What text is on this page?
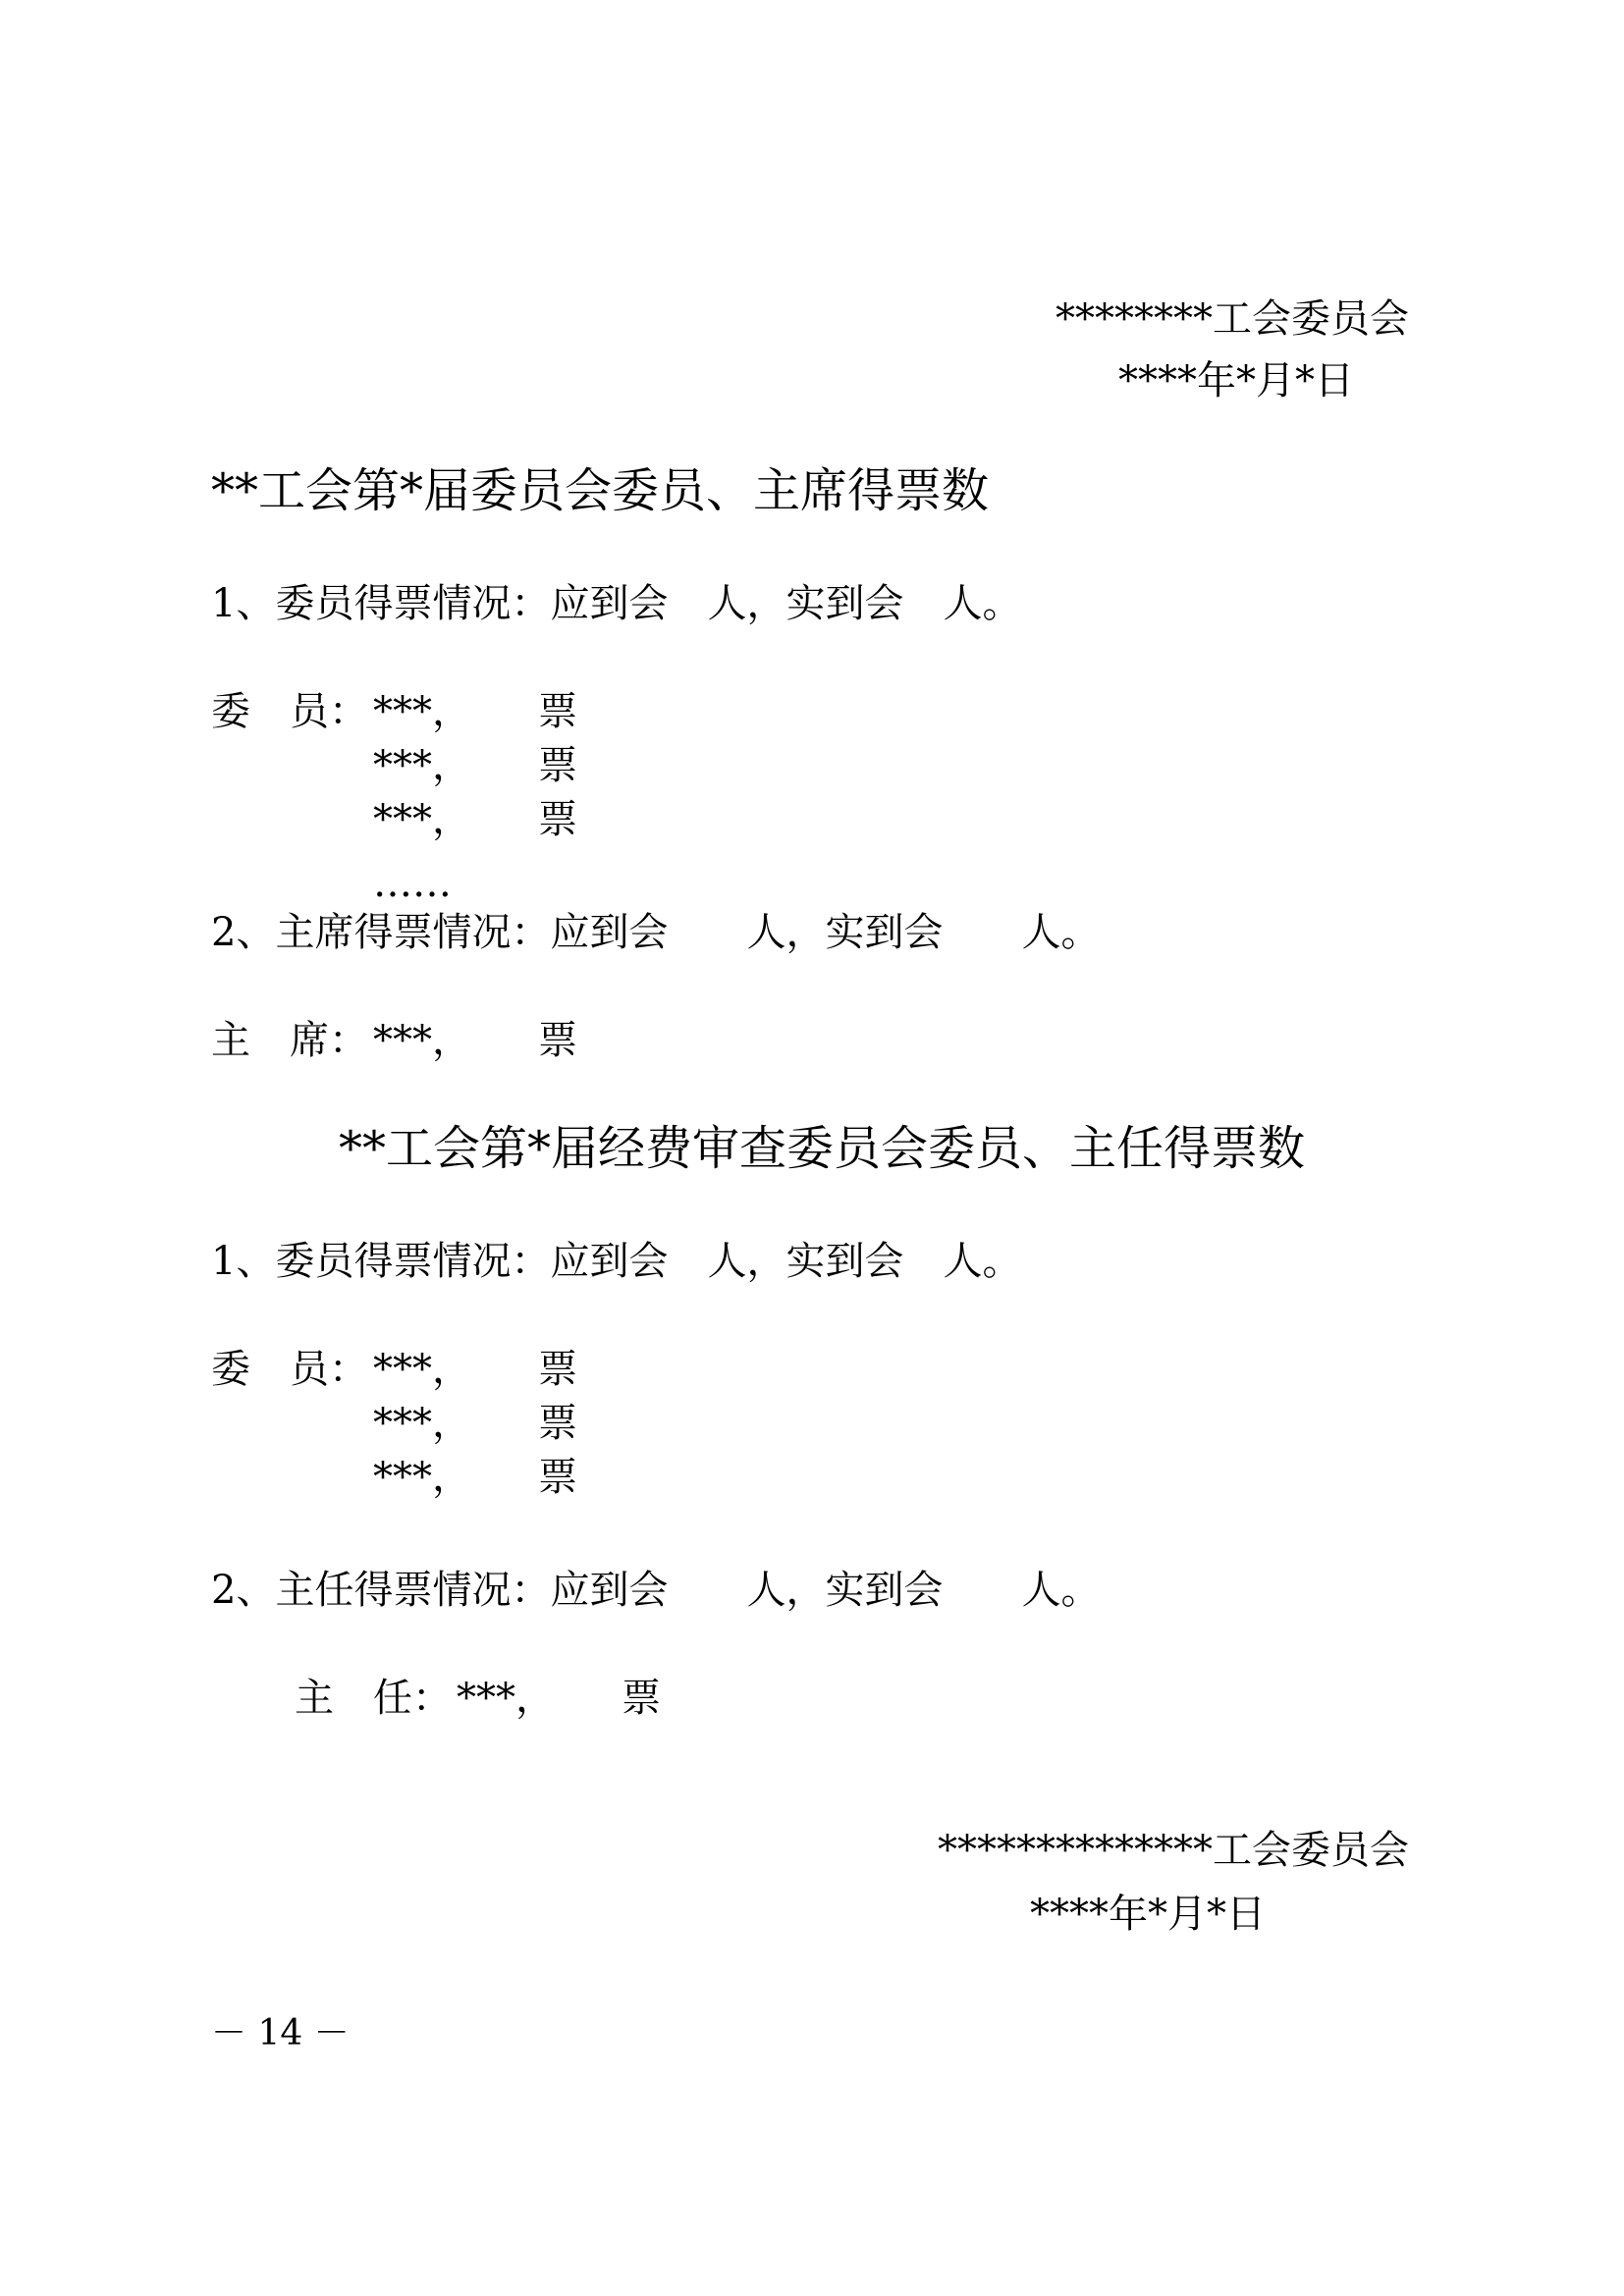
********工会委员会
****年*月*日
**工会第*届委员会委员、主席得票数
1、委员得票情况：应到会　人，实到会　人。
委　员： ***， 票
***， 票
***， 票
……
2、主席得票情况：应到会　　人，实到会　　人。
主　席： ***， 票
**工会第*届经费审查委员会委员、主任得票数
1、委员得票情况：应到会　人，实到会　人。
委　员： ***， 票
***， 票
***， 票
2、主任得票情况：应到会　　人，实到会　　人。
主　任： ***， 票
**************工会委员会
****年*月*日
－ 14 －
